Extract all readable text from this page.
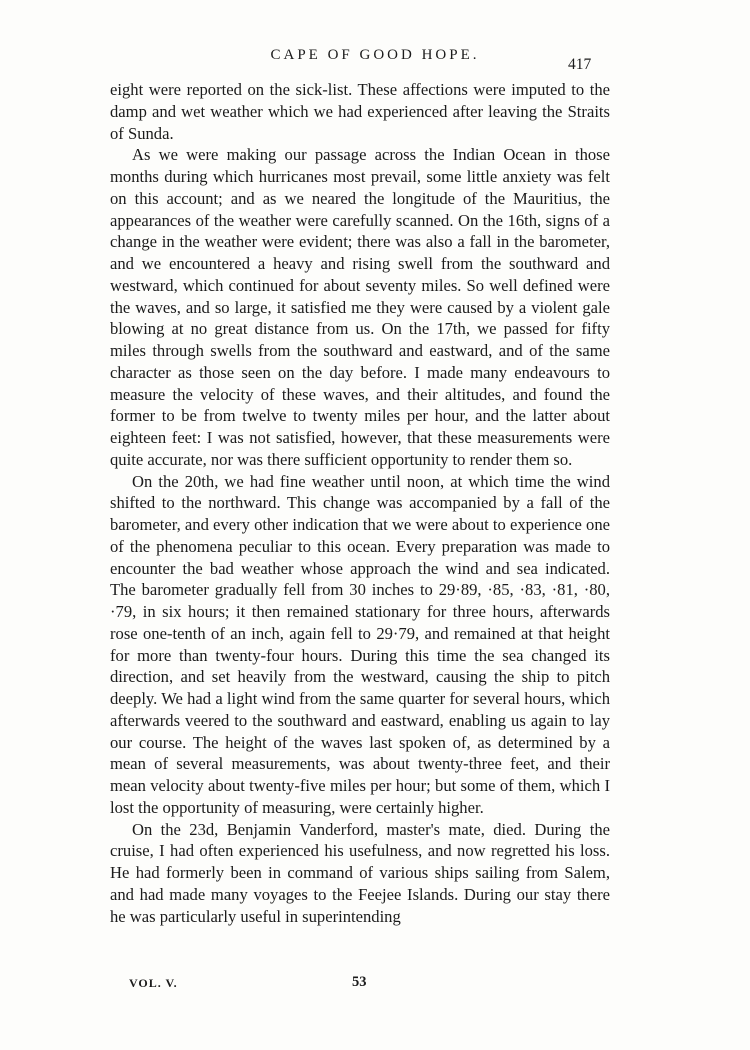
CAPE OF GOOD HOPE.
417

eight were reported on the sick-list. These affections were imputed to the damp and wet weather which we had experienced after leaving the Straits of Sunda.

As we were making our passage across the Indian Ocean in those months during which hurricanes most prevail, some little anxiety was felt on this account; and as we neared the longitude of the Mauritius, the appearances of the weather were carefully scanned. On the 16th, signs of a change in the weather were evident; there was also a fall in the barometer, and we encountered a heavy and rising swell from the southward and westward, which continued for about seventy miles. So well defined were the waves, and so large, it satisfied me they were caused by a violent gale blowing at no great distance from us. On the 17th, we passed for fifty miles through swells from the southward and eastward, and of the same character as those seen on the day before. I made many endeavours to measure the velocity of these waves, and their altitudes, and found the former to be from twelve to twenty miles per hour, and the latter about eighteen feet: I was not satisfied, however, that these measurements were quite accurate, nor was there sufficient opportunity to render them so.

On the 20th, we had fine weather until noon, at which time the wind shifted to the northward. This change was accompanied by a fall of the barometer, and every other indication that we were about to experience one of the phenomena peculiar to this ocean. Every preparation was made to encounter the bad weather whose approach the wind and sea indicated. The barometer gradually fell from 30 inches to 29·89, ·85, ·83, ·81, ·80, ·79, in six hours; it then remained stationary for three hours, afterwards rose one-tenth of an inch, again fell to 29·79, and remained at that height for more than twenty-four hours. During this time the sea changed its direction, and set heavily from the westward, causing the ship to pitch deeply. We had a light wind from the same quarter for several hours, which afterwards veered to the southward and eastward, enabling us again to lay our course. The height of the waves last spoken of, as determined by a mean of several measurements, was about twenty-three feet, and their mean velocity about twenty-five miles per hour; but some of them, which I lost the opportunity of measuring, were certainly higher.

On the 23d, Benjamin Vanderford, master's mate, died. During the cruise, I had often experienced his usefulness, and now regretted his loss. He had formerly been in command of various ships sailing from Salem, and had made many voyages to the Feejee Islands. During our stay there he was particularly useful in superintending

VOL. V.	53
